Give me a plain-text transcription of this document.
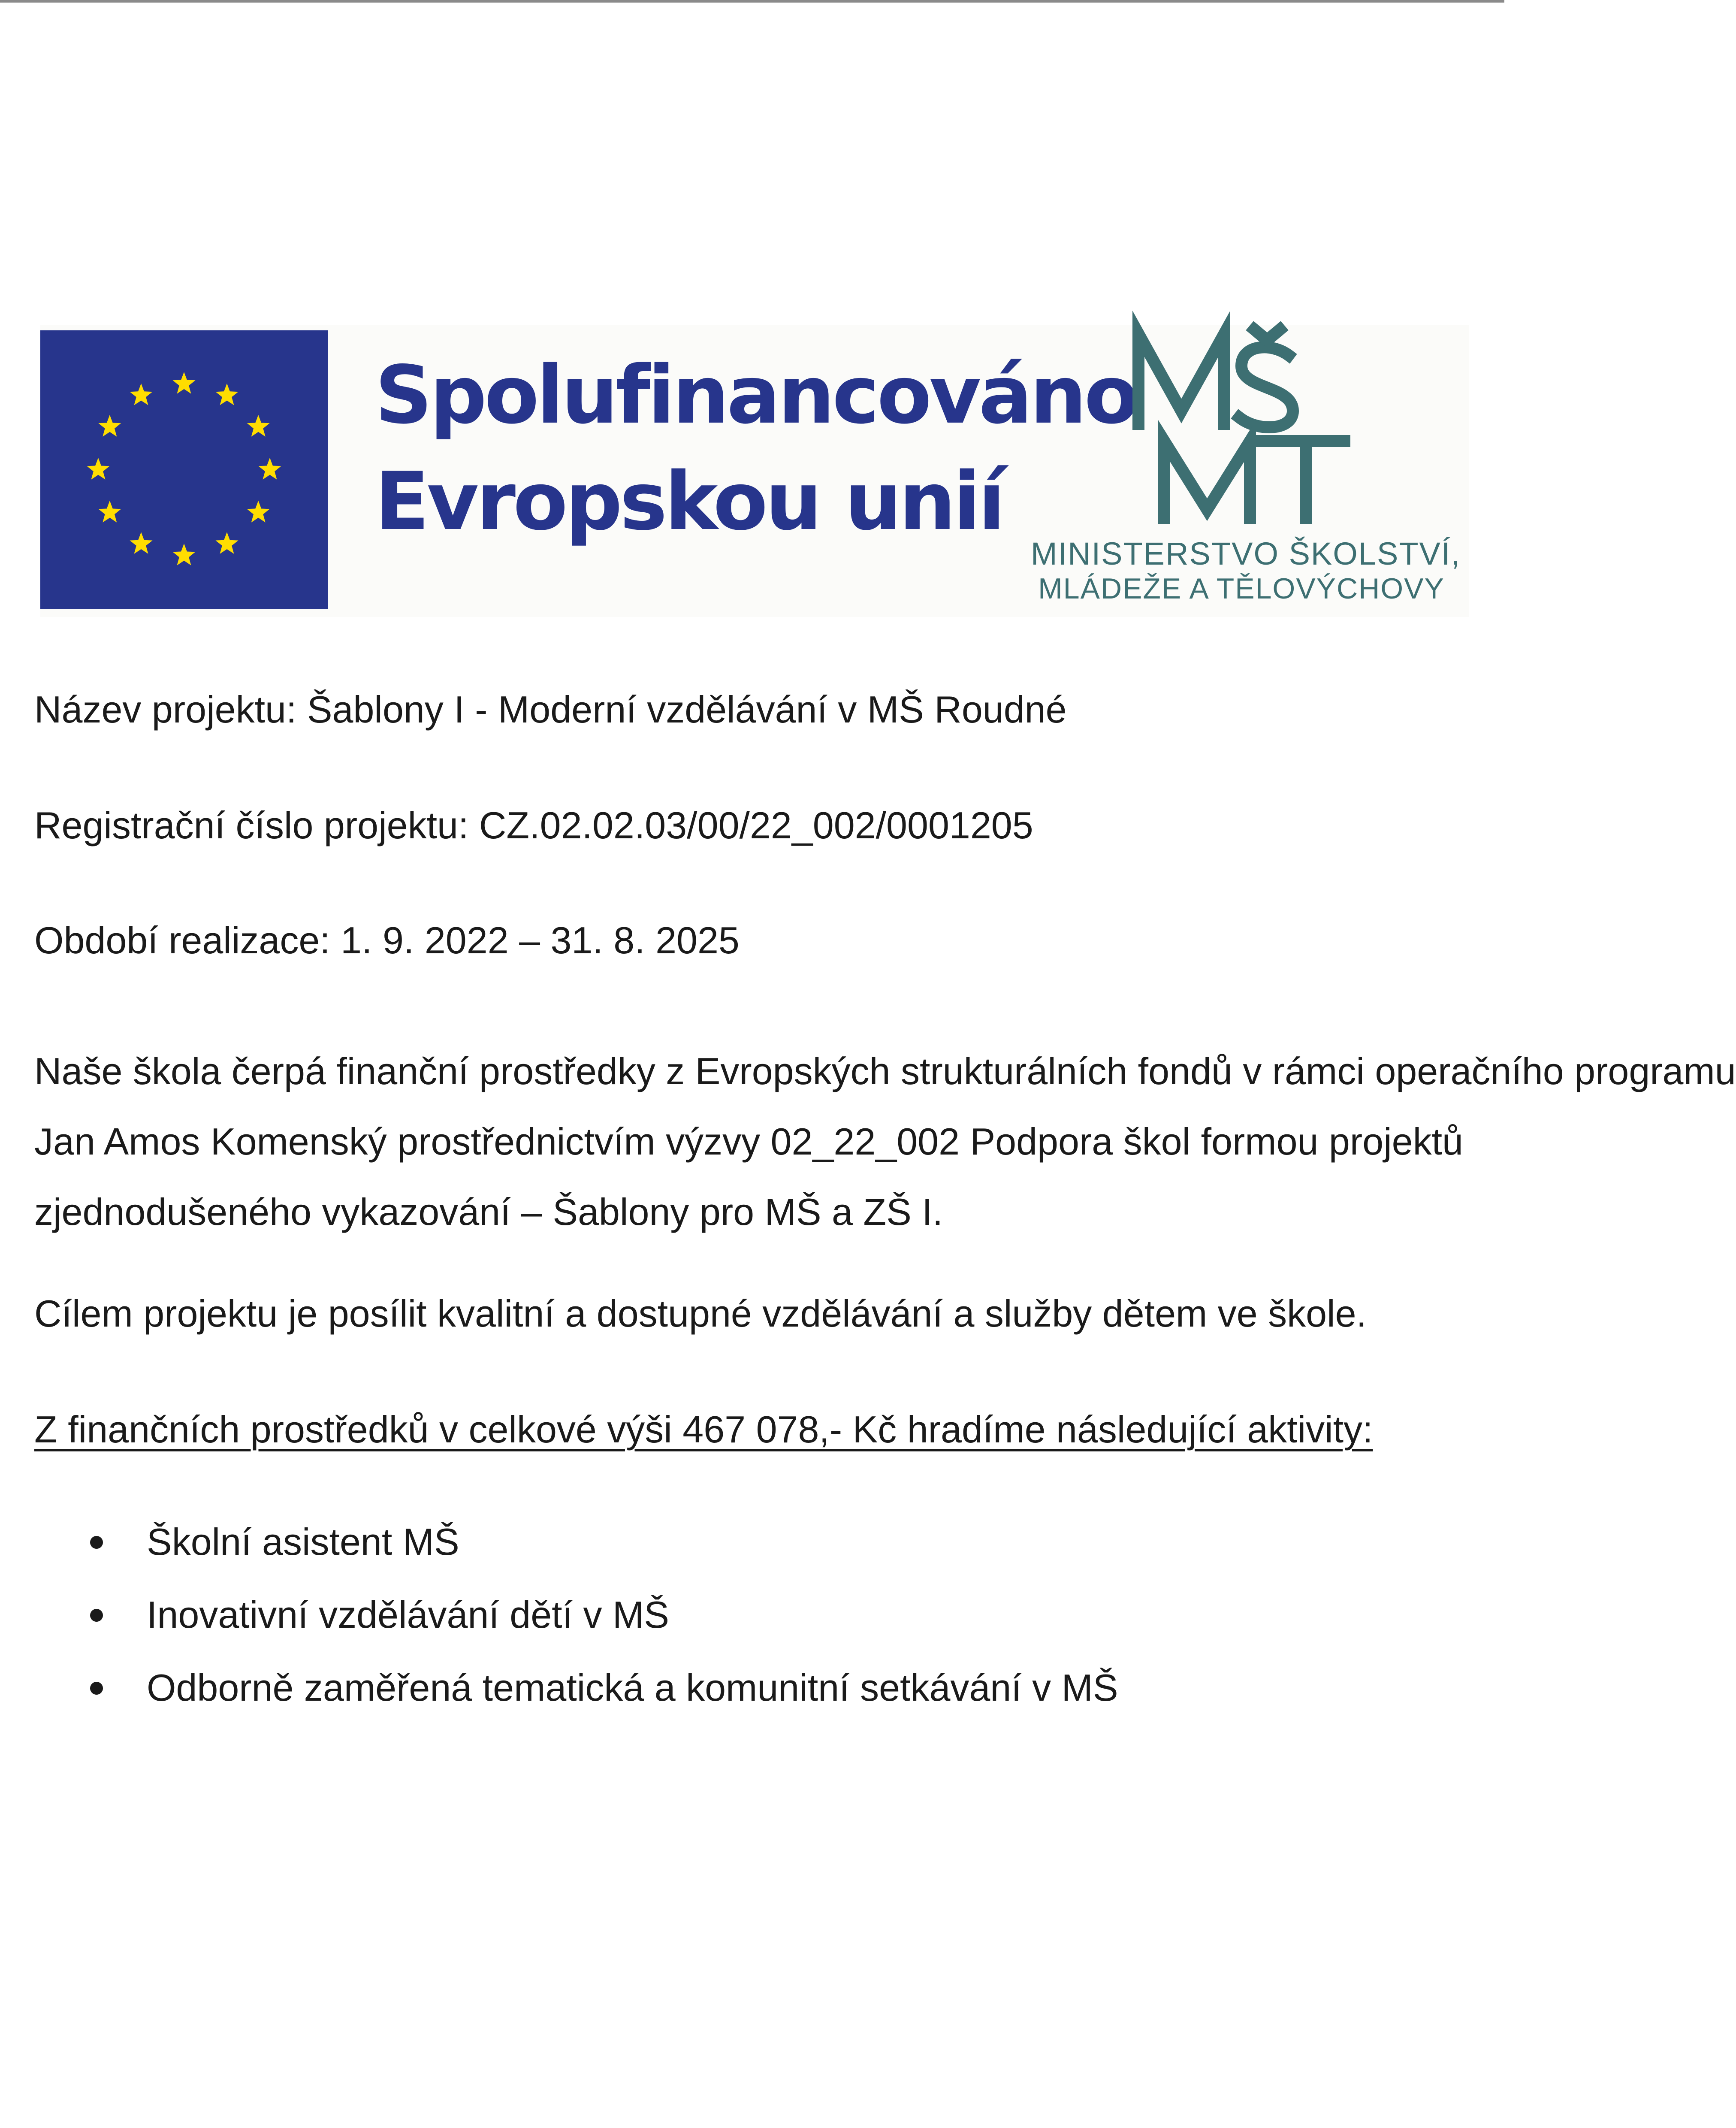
Spolufinancováno
Evropskou unií
MINISTERSTVO ŠKOLSTVÍ,
MLÁDEŽE A TĚLOVÝCHOVY
Název projektu: Šablony I - Moderní vzdělávání v MŠ Roudné
Registrační číslo projektu: CZ.02.02.03/00/22_002/0001205
Období realizace: 1. 9. 2022 – 31. 8. 2025
Naše škola čerpá finanční prostředky z Evropských strukturálních fondů v rámci operačního programu
Jan Amos Komenský prostřednictvím výzvy 02_22_002 Podpora škol formou projektů
zjednodušeného vykazování – Šablony pro MŠ a ZŠ I.
Cílem projektu je posílit kvalitní a dostupné vzdělávání a služby dětem ve škole.
Z finančních prostředků v celkové výši 467 078,- Kč hradíme následující aktivity:
Školní asistent MŠ
Inovativní vzdělávání dětí v MŠ
Odborně zaměřená tematická a komunitní setkávání v MŠ
